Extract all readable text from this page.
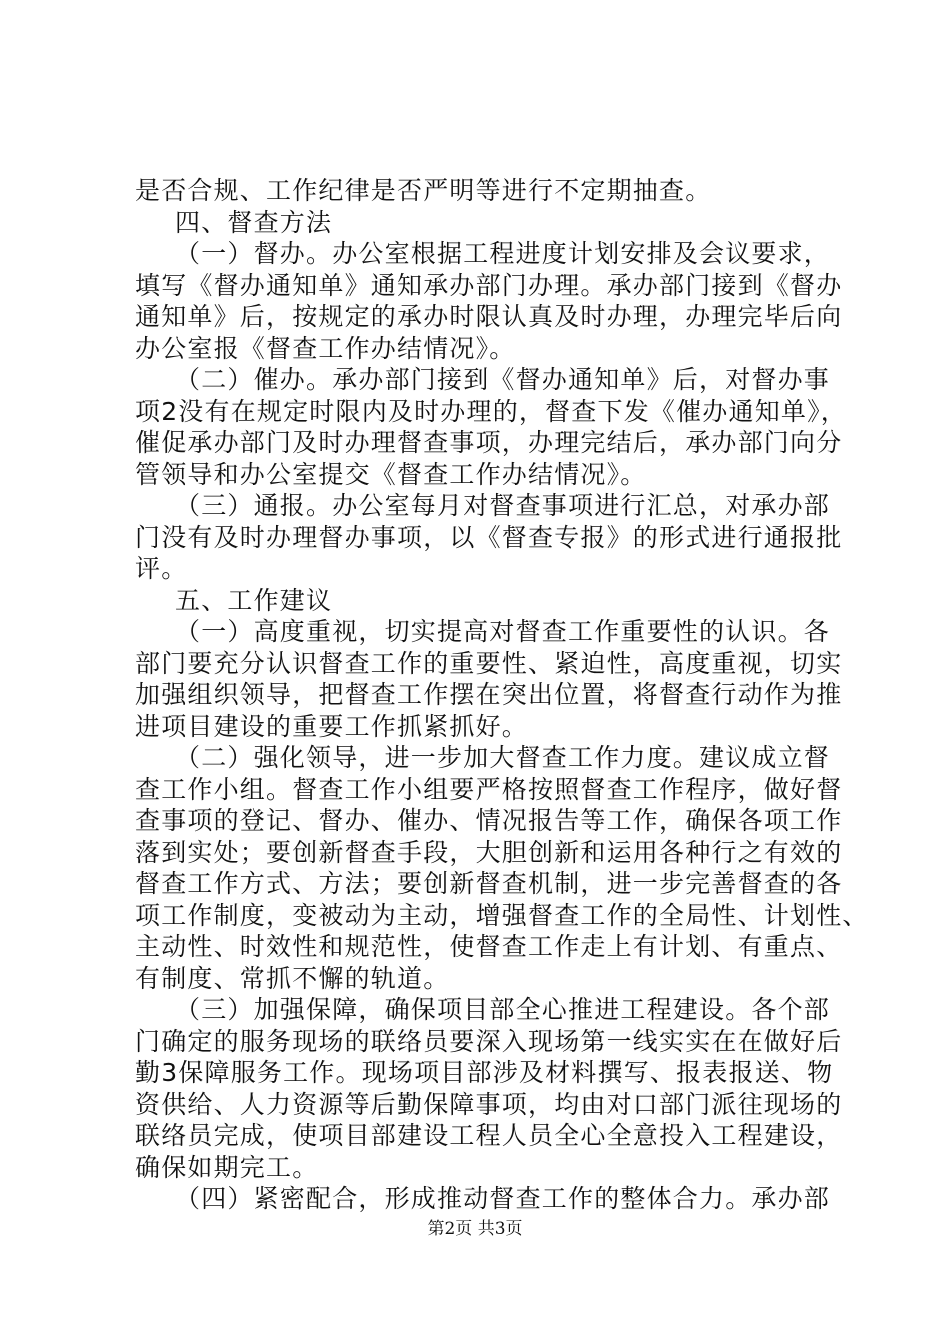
是否合规、工作纪律是否严明等进行不定期抽查。
四、督查方法
（一）督办。办公室根据工程进度计划安排及会议要求，
填写《督办通知单》通知承办部门办理。承办部门接到《督办
通知单》后，按规定的承办时限认真及时办理，办理完毕后向
办公室报《督查工作办结情况》。
（二）催办。承办部门接到《督办通知单》后，对督办事
项2没有在规定时限内及时办理的，督查下发《催办通知单》，
催促承办部门及时办理督查事项，办理完结后，承办部门向分
管领导和办公室提交《督查工作办结情况》。
（三）通报。办公室每月对督查事项进行汇总，对承办部
门没有及时办理督办事项，以《督查专报》的形式进行通报批
评。
五、工作建议
（一）高度重视，切实提高对督查工作重要性的认识。各
部门要充分认识督查工作的重要性、紧迫性，高度重视，切实
加强组织领导，把督查工作摆在突出位置，将督查行动作为推
进项目建设的重要工作抓紧抓好。
（二）强化领导，进一步加大督查工作力度。建议成立督
查工作小组。督查工作小组要严格按照督查工作程序，做好督
查事项的登记、督办、催办、情况报告等工作，确保各项工作
落到实处；要创新督查手段，大胆创新和运用各种行之有效的
督查工作方式、方法；要创新督查机制，进一步完善督查的各
项工作制度，变被动为主动，增强督查工作的全局性、计划性、
主动性、时效性和规范性，使督查工作走上有计划、有重点、
有制度、常抓不懈的轨道。
（三）加强保障，确保项目部全心推进工程建设。各个部
门确定的服务现场的联络员要深入现场第一线实实在在做好后
勤3保障服务工作。现场项目部涉及材料撰写、报表报送、物
资供给、人力资源等后勤保障事项，均由对口部门派往现场的
联络员完成，使项目部建设工程人员全心全意投入工程建设，
确保如期完工。
（四）紧密配合，形成推动督查工作的整体合力。承办部
第2页 共3页
